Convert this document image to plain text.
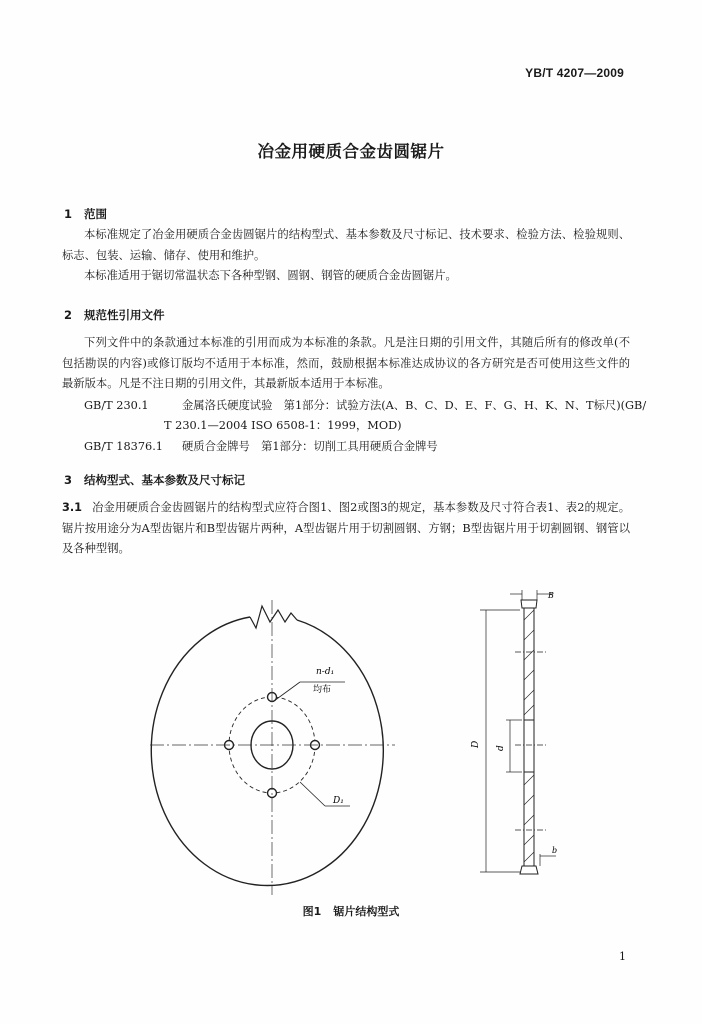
YB/T 4207—2009
冶金用硬质合金齿圆锯片
1 范围
本标准规定了冶金用硬质合金齿圆锯片的结构型式、基本参数及尺寸标记、技术要求、检验方法、检验规则、标志、包装、运输、储存、使用和维护。
本标准适用于锯切常温状态下各种型钢、圆钢、钢管的硬质合金齿圆锯片。
2 规范性引用文件
下列文件中的条款通过本标准的引用而成为本标准的条款。凡是注日期的引用文件，其随后所有的修改单(不包括勘误的内容)或修订版均不适用于本标准，然而，鼓励根据本标准达成协议的各方研究是否可使用这些文件的最新版本。凡是不注日期的引用文件，其最新版本适用于本标准。
GB/T 230.1	金属洛氏硬度试验　第1部分：试验方法(A、B、C、D、E、F、G、H、K、N、T标尺)(GB/
T 230.1—2004 ISO 6508-1：1999，MOD)
GB/T 18376.1 硬质合金牌号　第1部分：切削工具用硬质合金牌号
3 结构型式、基本参数及尺寸标记
3.1 冶金用硬质合金齿圆锯片的结构型式应符合图1、图2或图3的规定，基本参数及尺寸符合表1、表2的规定。锯片按用途分为A型齿锯片和B型齿锯片两种，A型齿锯片用于切割圆钢、方钢；B型齿锯片用于切割圆钢、钢管以及各种型钢。
n-d₁
均布
D₁
B
D
d
b
图1 锯片结构型式
1
